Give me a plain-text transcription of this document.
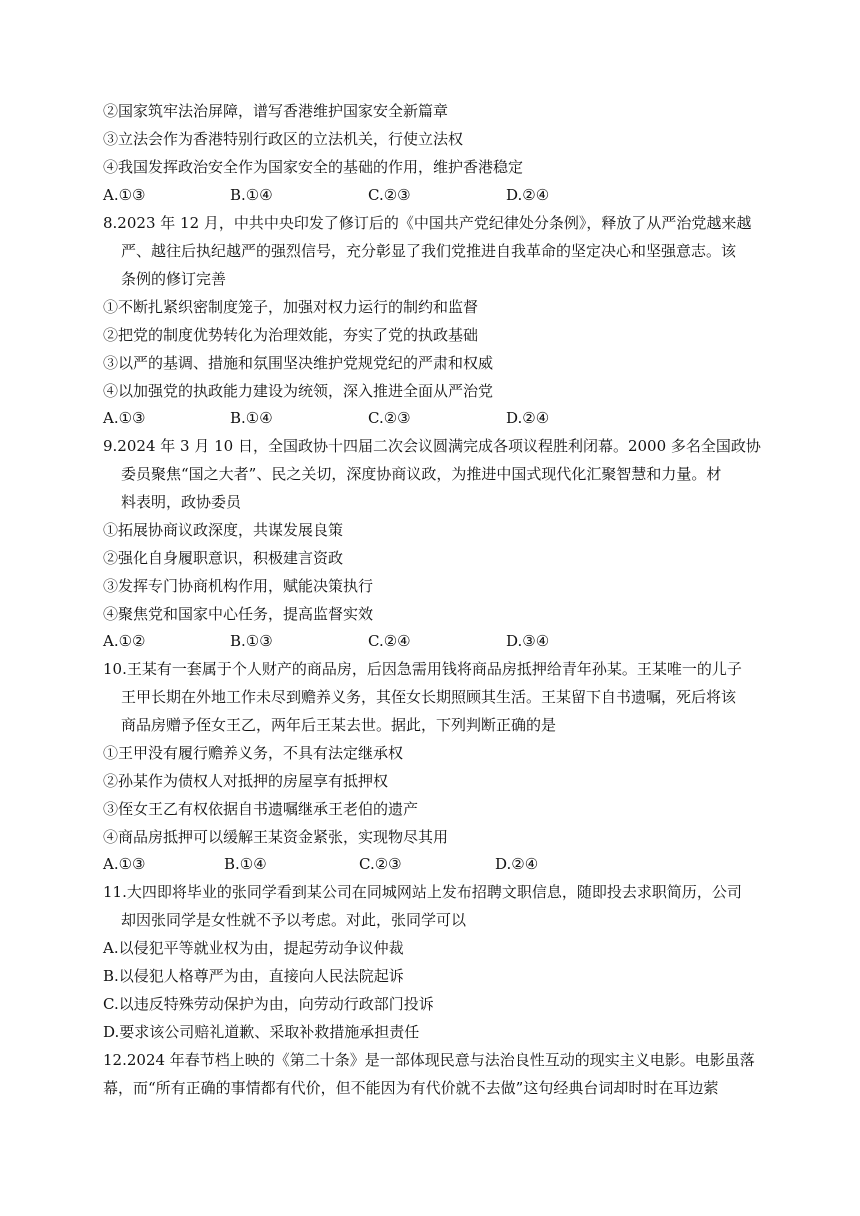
②国家筑牢法治屏障，谱写香港维护国家安全新篇章
③立法会作为香港特别行政区的立法机关，行使立法权
④我国发挥政治安全作为国家安全的基础的作用，维护香港稳定
A.①③	B.①④	C.②③	D.②④
8.2023 年 12 月，中共中央印发了修订后的《中国共产党纪律处分条例》，释放了从严治党越来越
严、越往后执纪越严的强烈信号，充分彰显了我们党推进自我革命的坚定决心和坚强意志。该
条例的修订完善
①不断扎紧织密制度笼子，加强对权力运行的制约和监督
②把党的制度优势转化为治理效能，夯实了党的执政基础
③以严的基调、措施和氛围坚决维护党规党纪的严肃和权威
④以加强党的执政能力建设为统领，深入推进全面从严治党
A.①③	B.①④	C.②③	D.②④
9.2024 年 3 月 10 日，全国政协十四届二次会议圆满完成各项议程胜利闭幕。2000 多名全国政协
委员聚焦“国之大者”、民之关切，深度协商议政，为推进中国式现代化汇聚智慧和力量。材
料表明，政协委员
①拓展协商议政深度，共谋发展良策
②强化自身履职意识，积极建言资政
③发挥专门协商机构作用，赋能决策执行
④聚焦党和国家中心任务，提高监督实效
A.①②	B.①③	C.②④	D.③④
10.王某有一套属于个人财产的商品房，后因急需用钱将商品房抵押给青年孙某。王某唯一的儿子
王甲长期在外地工作未尽到赡养义务，其侄女长期照顾其生活。王某留下自书遗嘱，死后将该
商品房赠予侄女王乙，两年后王某去世。据此，下列判断正确的是
①王甲没有履行赡养义务，不具有法定继承权
②孙某作为债权人对抵押的房屋享有抵押权
③侄女王乙有权依据自书遗嘱继承王老伯的遗产
④商品房抵押可以缓解王某资金紧张，实现物尽其用
A.①③	B.①④	C.②③	D.②④
11.大四即将毕业的张同学看到某公司在同城网站上发布招聘文职信息，随即投去求职简历，公司
却因张同学是女性就不予以考虑。对此，张同学可以
A.以侵犯平等就业权为由，提起劳动争议仲裁
B.以侵犯人格尊严为由，直接向人民法院起诉
C.以违反特殊劳动保护为由，向劳动行政部门投诉
D.要求该公司赔礼道歉、采取补救措施承担责任
12.2024 年春节档上映的《第二十条》是一部体现民意与法治良性互动的现实主义电影。电影虽落
幕，而“所有正确的事情都有代价，但不能因为有代价就不去做”这句经典台词却时时在耳边萦
